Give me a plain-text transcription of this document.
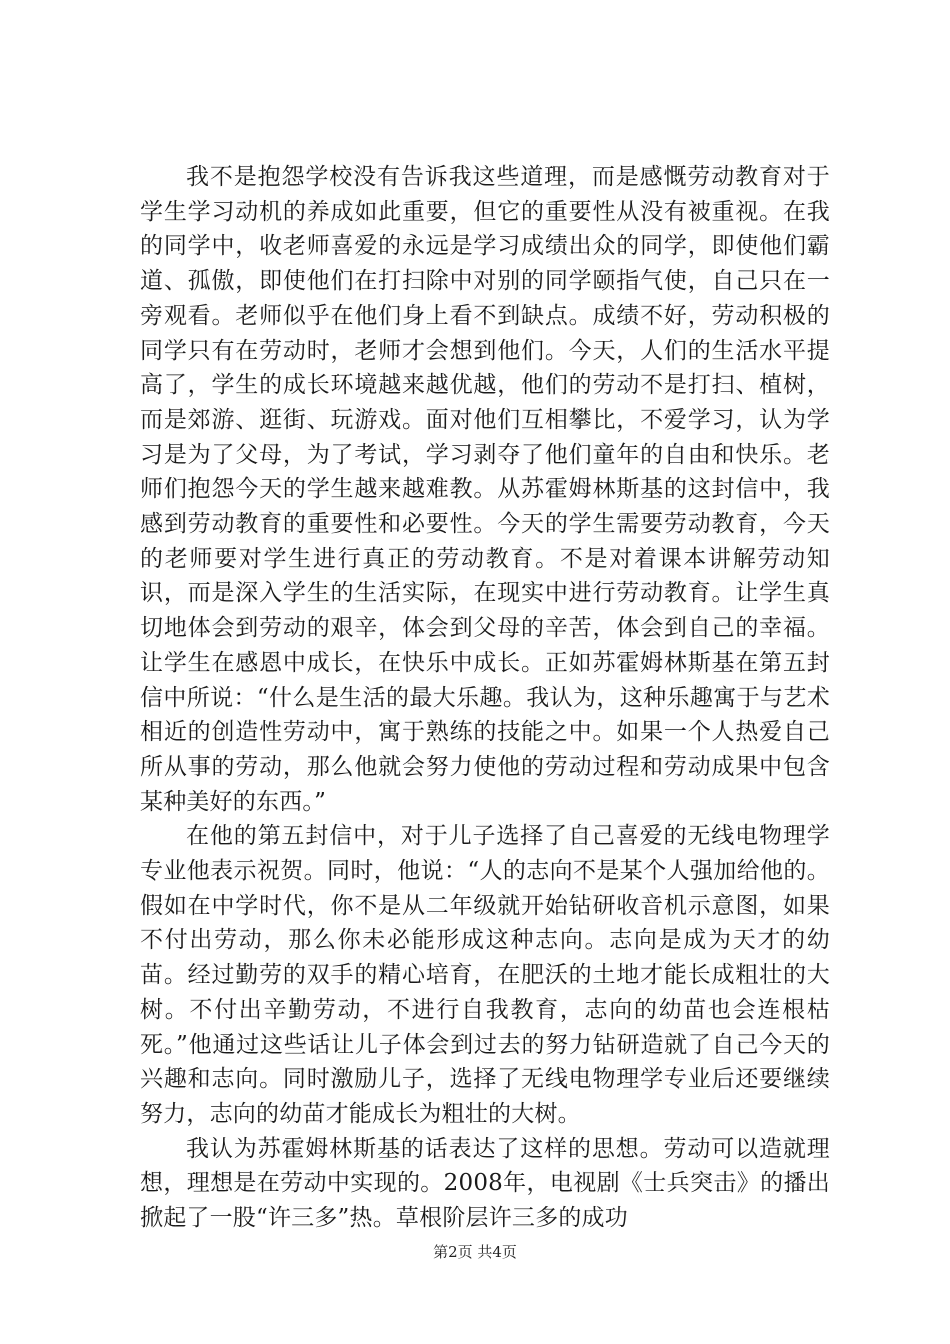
我不是抱怨学校没有告诉我这些道理，而是感慨劳动教育对于学生学习动机的养成如此重要，但它的重要性从没有被重视。在我的同学中，收老师喜爱的永远是学习成绩出众的同学，即使他们霸道、孤傲，即使他们在打扫除中对别的同学颐指气使，自己只在一旁观看。老师似乎在他们身上看不到缺点。成绩不好，劳动积极的同学只有在劳动时，老师才会想到他们。今天，人们的生活水平提高了，学生的成长环境越来越优越，他们的劳动不是打扫、植树，而是郊游、逛街、玩游戏。面对他们互相攀比，不爱学习，认为学习是为了父母，为了考试，学习剥夺了他们童年的自由和快乐。老师们抱怨今天的学生越来越难教。从苏霍姆林斯基的这封信中，我感到劳动教育的重要性和必要性。今天的学生需要劳动教育，今天的老师要对学生进行真正的劳动教育。不是对着课本讲解劳动知识，而是深入学生的生活实际，在现实中进行劳动教育。让学生真切地体会到劳动的艰辛，体会到父母的辛苦，体会到自己的幸福。让学生在感恩中成长，在快乐中成长。正如苏霍姆林斯基在第五封信中所说：“什么是生活的最大乐趣。我认为，这种乐趣寓于与艺术相近的创造性劳动中，寓于熟练的技能之中。如果一个人热爱自己所从事的劳动，那么他就会努力使他的劳动过程和劳动成果中包含某种美好的东西。”

在他的第五封信中，对于儿子选择了自己喜爱的无线电物理学专业他表示祝贺。同时，他说：“人的志向不是某个人强加给他的。假如在中学时代，你不是从二年级就开始钻研收音机示意图，如果不付出劳动，那么你未必能形成这种志向。志向是成为天才的幼苗。经过勤劳的双手的精心培育，在肥沃的土地才能长成粗壮的大树。不付出辛勤劳动，不进行自我教育，志向的幼苗也会连根枯死。”他通过这些话让儿子体会到过去的努力钻研造就了自己今天的兴趣和志向。同时激励儿子，选择了无线电物理学专业后还要继续努力，志向的幼苗才能成长为粗壮的大树。

我认为苏霍姆林斯基的话表达了这样的思想。劳动可以造就理想，理想是在劳动中实现的。2008年，电视剧《士兵突击》的播出掀起了一股“许三多”热。草根阶层许三多的成功

第2页 共4页
